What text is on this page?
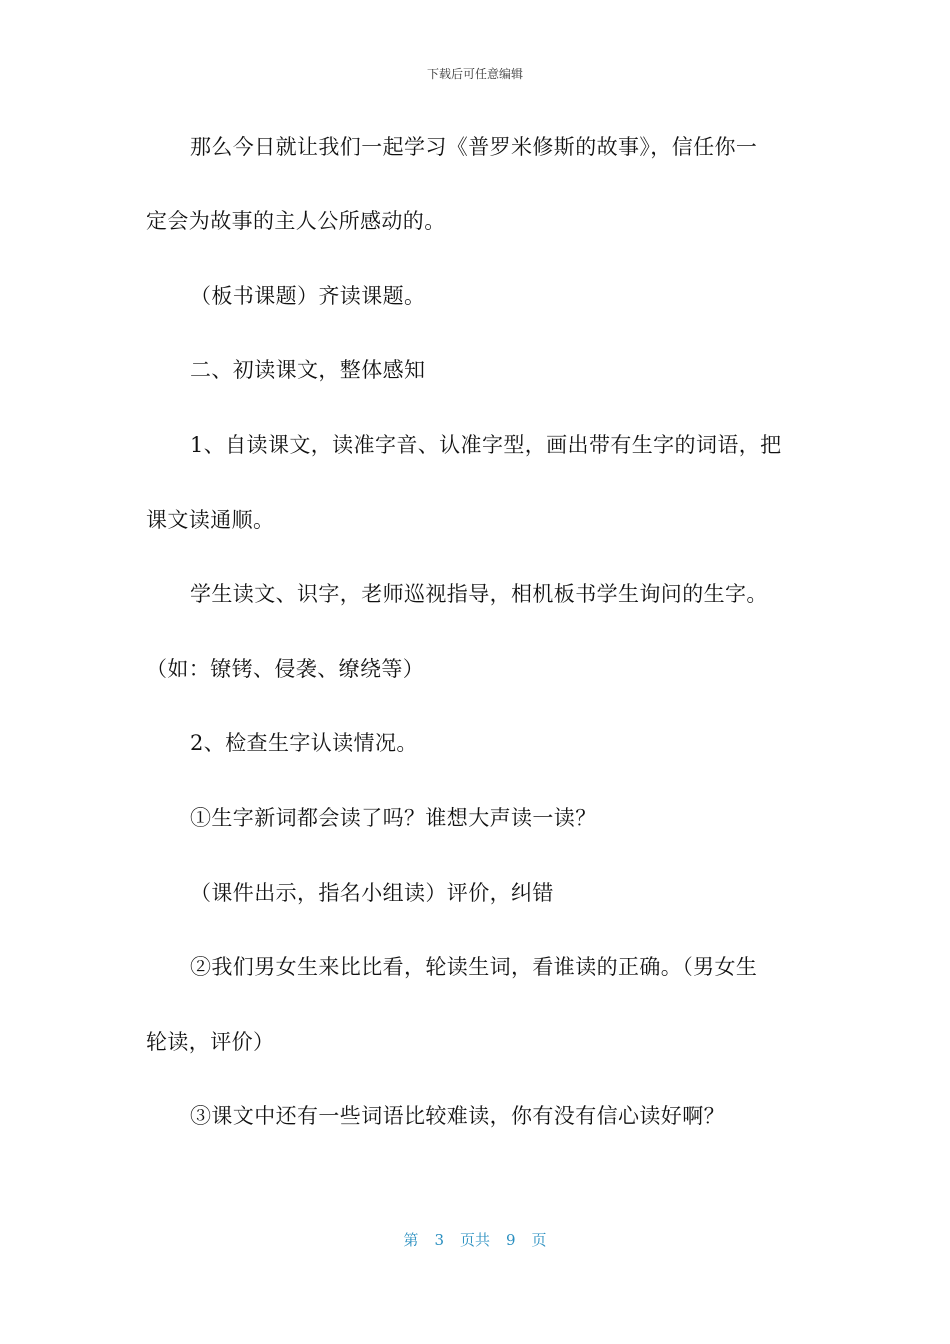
下载后可任意编辑
那么今日就让我们一起学习《普罗米修斯的故事》，信任你一
定会为故事的主人公所感动的。
（板书课题）齐读课题。
二、初读课文，整体感知
1、自读课文，读准字音、认准字型，画出带有生字的词语，把
课文读通顺。
学生读文、识字，老师巡视指导，相机板书学生询问的生字。
（如：镣铐、侵袭、缭绕等）
2、检查生字认读情况。
①生字新词都会读了吗？谁想大声读一读？
（课件出示，指名小组读）评价，纠错
②我们男女生来比比看，轮读生词，看谁读的正确。（男女生
轮读，评价）
③课文中还有一些词语比较难读，你有没有信心读好啊？
第 3 页共 9 页
